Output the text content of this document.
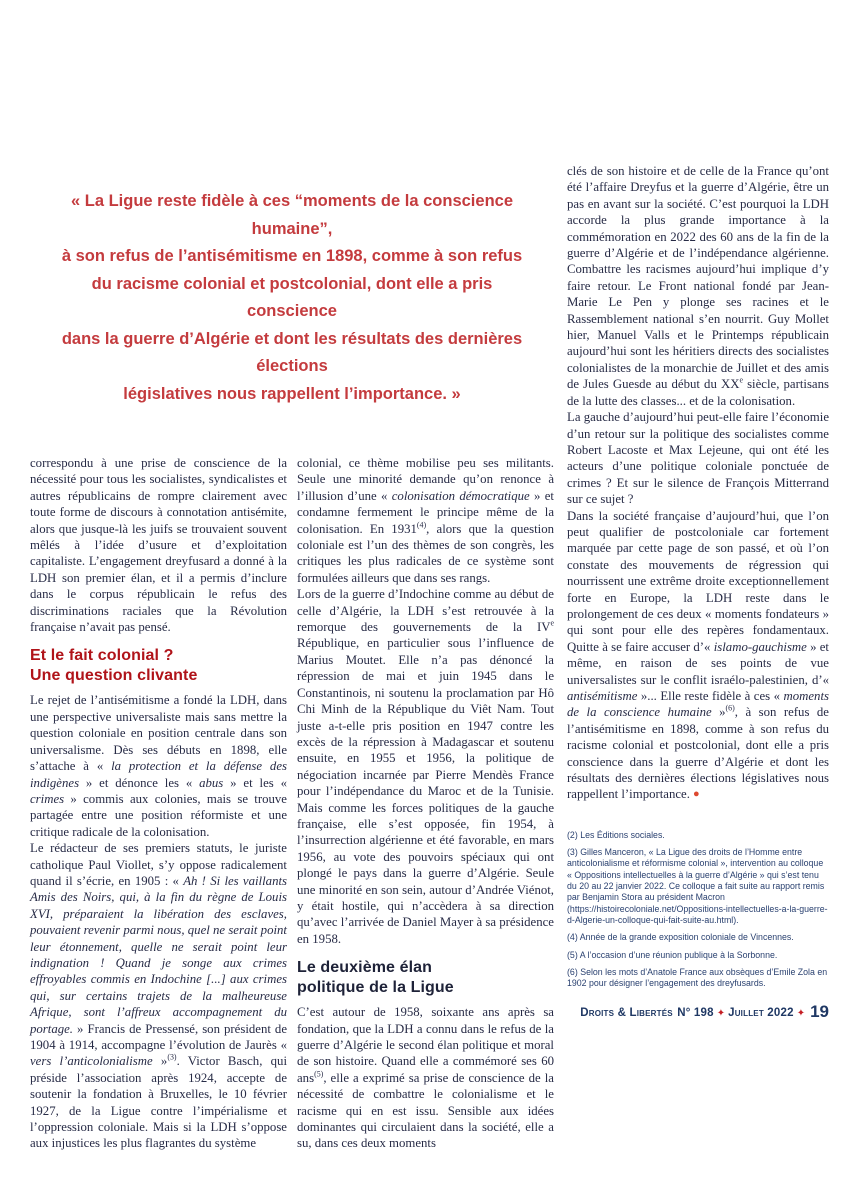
« La Ligue reste fidèle à ces “moments de la conscience humaine”,
à son refus de l’antisémitisme en 1898, comme à son refus
du racisme colonial et postcolonial, dont elle a pris conscience
dans la guerre d’Algérie et dont les résultats des dernières élections
législatives nous rappellent l’importance. »

correspondu à une prise de conscience de la nécessité pour tous les socialistes, syndicalistes et autres républicains de rompre clairement avec toute forme de discours à connotation antisémite, alors que jusque-là les juifs se trouvaient souvent mêlés à l’idée d’usure et d’exploitation capitaliste. L’engagement dreyfusard a donné à la LDH son premier élan, et il a permis d’inclure dans le corpus républicain le refus des discriminations raciales que la Révolution française n’avait pas pensé.

Et le fait colonial ?
Une question clivante

Le rejet de l’antisémitisme a fondé la LDH, dans une perspective universaliste mais sans mettre la question coloniale en position centrale dans son universalisme. Dès ses débuts en 1898, elle s’attache à « la protection et la défense des indigènes » et dénonce les « abus » et les « crimes » commis aux colonies, mais se trouve partagée entre une position réformiste et une critique radicale de la colonisation.

Le rédacteur de ses premiers statuts, le juriste catholique Paul Viollet, s’y oppose radicalement quand il s’écrie, en 1905 : « Ah ! Si les vaillants Amis des Noirs, qui, à la fin du règne de Louis XVI, préparaient la libération des esclaves, pouvaient revenir parmi nous, quel ne serait point leur étonnement, quelle ne serait point leur indignation ! Quand je songe aux crimes effroyables commis en Indochine [...] aux crimes qui, sur certains trajets de la malheureuse Afrique, sont l’affreux accompagnement du portage. » Francis de Pressensé, son président de 1904 à 1914, accompagne l’évolution de Jaurès « vers l’anticolonialisme »$^{(3)}$. Victor Basch, qui préside l’association après 1924, accepte de soutenir la fondation à Bruxelles, le 10 février 1927, de la Ligue contre l’impérialisme et l’oppression coloniale. Mais si la LDH s’oppose aux injustices les plus flagrantes du système

colonial, ce thème mobilise peu ses militants. Seule une minorité demande qu’on renonce à l’illusion d’une « colonisation démocratique » et condamne fermement le principe même de la colonisation. En 1931$^{(4)}$, alors que la question coloniale est l’un des thèmes de son congrès, les critiques les plus radicales de ce système sont formulées ailleurs que dans ses rangs.

Lors de la guerre d’Indochine comme au début de celle d’Algérie, la LDH s’est retrouvée à la remorque des gouvernements de la IVe République, en particulier sous l’influence de Marius Moutet. Elle n’a pas dénoncé la répression de mai et juin 1945 dans le Constantinois, ni soutenu la proclamation par Hô Chi Minh de la République du Viêt Nam. Tout juste a-t-elle pris position en 1947 contre les excès de la répression à Madagascar et soutenu ensuite, en 1955 et 1956, la politique de négociation incarnée par Pierre Mendès France pour l’indépendance du Maroc et de la Tunisie. Mais comme les forces politiques de la gauche française, elle s’est opposée, fin 1954, à l’insurrection algérienne et été favorable, en mars 1956, au vote des pouvoirs spéciaux qui ont plongé le pays dans la guerre d’Algérie. Seule une minorité en son sein, autour d’Andrée Viénot, y était hostile, qui n’accèdera à sa direction qu’avec l’arrivée de Daniel Mayer à sa présidence en 1958.

Le deuxième élan
politique de la Ligue

C’est autour de 1958, soixante ans après sa fondation, que la LDH a connu dans le refus de la guerre d’Algérie le second élan politique et moral de son histoire. Quand elle a commémoré ses 60 ans$^{(5)}$, elle a exprimé sa prise de conscience de la nécessité de combattre le colonialisme et le racisme qui en est issu. Sensible aux idées dominantes qui circulaient dans la société, elle a su, dans ces deux moments

clés de son histoire et de celle de la France qu’ont été l’affaire Dreyfus et la guerre d’Algérie, être un pas en avant sur la société. C’est pourquoi la LDH accorde la plus grande importance à la commémoration en 2022 des 60 ans de la fin de la guerre d’Algérie et de l’indépendance algérienne. Combattre les racismes aujourd’hui implique d’y faire retour. Le Front national fondé par Jean-Marie Le Pen y plonge ses racines et le Rassemblement national s’en nourrit. Guy Mollet hier, Manuel Valls et le Printemps républicain aujourd’hui sont les héritiers directs des socialistes colonialistes de la monarchie de Juillet et des amis de Jules Guesde au début du XXe siècle, partisans de la lutte des classes... et de la colonisation.

La gauche d’aujourd’hui peut-elle faire l’économie d’un retour sur la politique des socialistes comme Robert Lacoste et Max Lejeune, qui ont été les acteurs d’une politique coloniale ponctuée de crimes ? Et sur le silence de François Mitterrand sur ce sujet ?

Dans la société française d’aujourd’hui, que l’on peut qualifier de postcoloniale car fortement marquée par cette page de son passé, et où l’on constate des mouvements de régression qui nourrissent une extrême droite exceptionnellement forte en Europe, la LDH reste dans le prolongement de ces deux « moments fondateurs » qui sont pour elle des repères fondamentaux. Quitte à se faire accuser d’« islamo-gauchisme » et même, en raison de ses points de vue universalistes sur le conflit israélo-palestinien, d’« antisémitisme »... Elle reste fidèle à ces « moments de la conscience humaine »$^{(6)}$, à son refus de l’antisémitisme en 1898, comme à son refus du racisme colonial et postcolonial, dont elle a pris conscience dans la guerre d’Algérie et dont les résultats des dernières élections législatives nous rappellent l’importance. ●

(2) Les Éditions sociales.

(3) Gilles Manceron, « La Ligue des droits de l’Homme entre anticolonialisme et réformisme colonial », intervention au colloque « Oppositions intellectuelles à la guerre d’Algérie » qui s’est tenu du 20 au 22 janvier 2022. Ce colloque a fait suite au rapport remis par Benjamin Stora au président Macron (https://histoirecoloniale.net/Oppositions-intellectuelles-a-la-guerre-d-Algerie-un-colloque-qui-fait-suite-au.html).

(4) Année de la grande exposition coloniale de Vincennes.

(5) A l’occasion d’une réunion publique à la Sorbonne.

(6) Selon les mots d’Anatole France aux obsèques d’Emile Zola en 1902 pour désigner l’engagement des dreyfusards.

Droits & Libertés N° 198 ✦ Juillet 2022 ✦ 19
